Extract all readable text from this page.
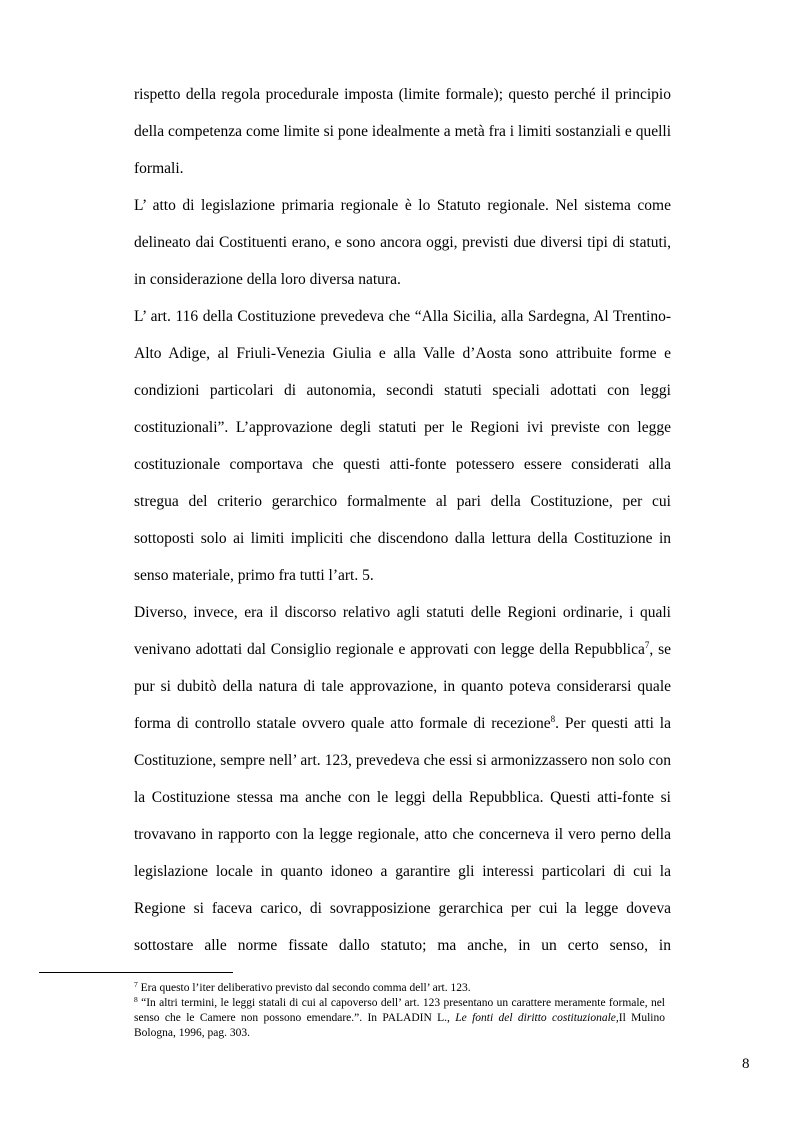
rispetto della regola procedurale imposta (limite formale); questo perché il principio della competenza come limite si pone idealmente a metà fra i limiti sostanziali e quelli formali.

L’ atto di legislazione primaria regionale è lo Statuto regionale. Nel sistema come delineato dai Costituenti erano, e sono ancora oggi, previsti due diversi tipi di statuti, in considerazione della loro diversa natura.

L’ art. 116 della Costituzione prevedeva che “Alla Sicilia, alla Sardegna, Al Trentino-Alto Adige, al Friuli-Venezia Giulia e alla Valle d’Aosta sono attribuite forme e condizioni particolari di autonomia, secondi statuti speciali adottati con leggi costituzionali”. L’approvazione degli statuti per le Regioni ivi previste con legge costituzionale comportava che questi atti-fonte potessero essere considerati alla stregua del criterio gerarchico formalmente al pari della Costituzione, per cui sottoposti solo ai limiti impliciti che discendono dalla lettura della Costituzione in senso materiale, primo fra tutti l’art. 5.

Diverso, invece, era il discorso relativo agli statuti delle Regioni ordinarie, i quali venivano adottati dal Consiglio regionale e approvati con legge della Repubblica$^7$, se pur si dubitò della natura di tale approvazione, in quanto poteva considerarsi quale forma di controllo statale ovvero quale atto formale di recezione$^8$. Per questi atti la Costituzione, sempre nell’ art. 123, prevedeva che essi si armonizzassero non solo con la Costituzione stessa ma anche con le leggi della Repubblica. Questi atti-fonte si trovavano in rapporto con la legge regionale, atto che concerneva il vero perno della legislazione locale in quanto idoneo a garantire gli interessi particolari di cui la Regione si faceva carico, di sovrapposizione gerarchica per cui la legge doveva sottostare alle norme fissate dallo statuto; ma anche, in un certo senso, in

$^7$ Era questo l’iter deliberativo previsto dal secondo comma dell’ art. 123.

$^8$ “In altri termini, le leggi statali di cui al capoverso dell’ art. 123 presentano un carattere meramente formale, nel senso che le Camere non possono emendare.”. In PALADIN L., Le fonti del diritto costituzionale,Il Mulino Bologna, 1996, pag. 303.

8
